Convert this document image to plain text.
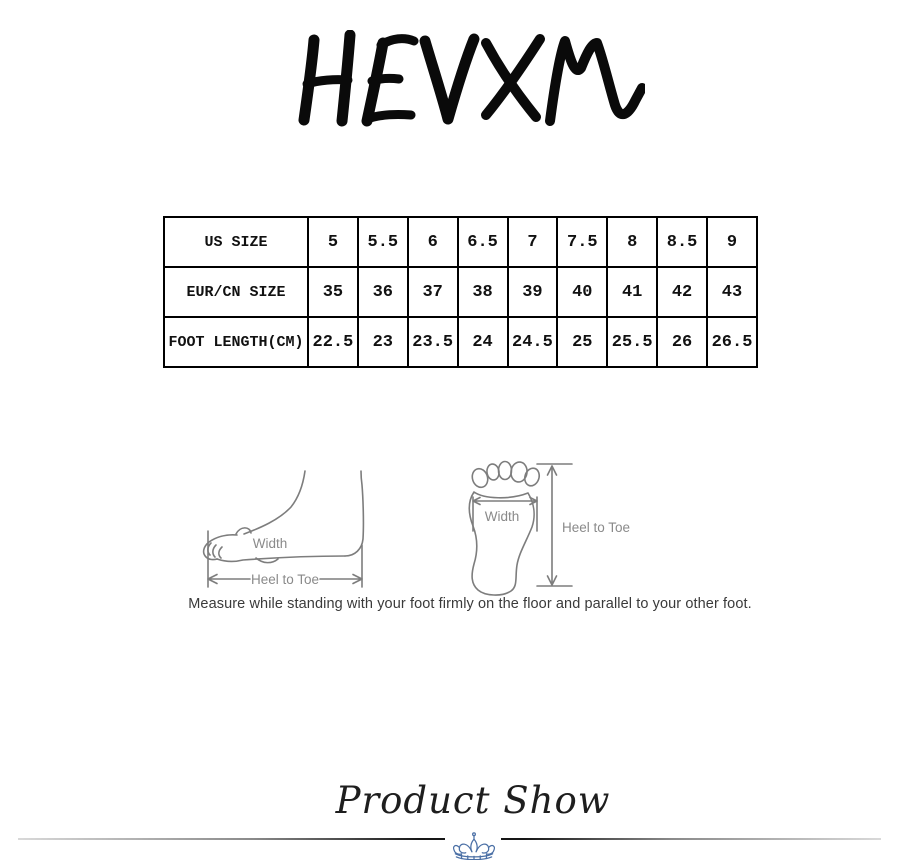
US SIZE	5	5.5	6	6.5	7	7.5	8	8.5	9
EUR/CN SIZE	35	36	37	38	39	40	41	42	43
FOOT LENGTH(CM)	22.5	23	23.5	24	24.5	25	25.5	26	26.5
Width
Heel to Toe
Width
Heel to Toe
Measure while standing with your foot firmly on the floor and parallel to your other foot.
Product Show
